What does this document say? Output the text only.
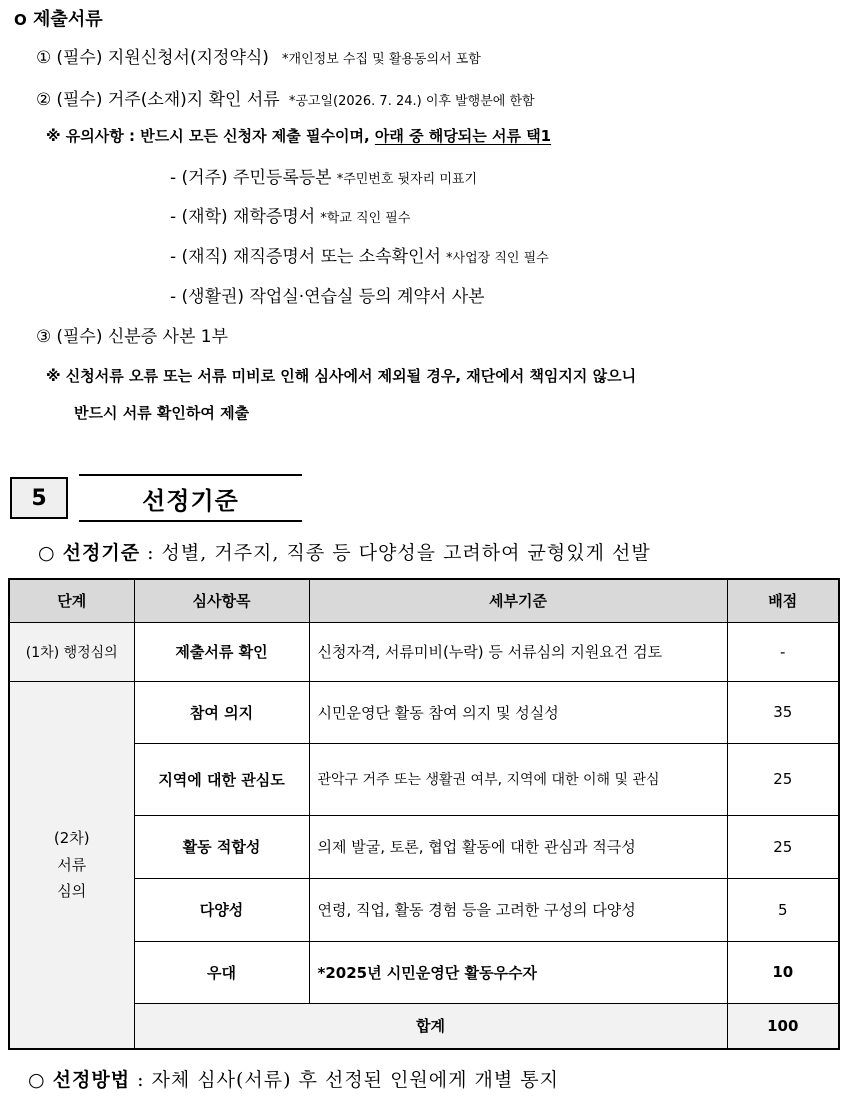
O 제출서류
① (필수) 지원신청서(지정약식) *개인정보 수집 및 활용동의서 포함
② (필수) 거주(소재)지 확인 서류 *공고일(2026. 7. 24.) 이후 발행분에 한함
※ 유의사항 : 반드시 모든 신청자 제출 필수이며, 아래 중 해당되는 서류 택1
- (거주) 주민등록등본 *주민번호 뒷자리 미표기
- (재학) 재학증명서 *학교 직인 필수
- (재직) 재직증명서 또는 소속확인서 *사업장 직인 필수
- (생활권) 작업실·연습실 등의 계약서 사본
③ (필수) 신분증 사본 1부
※ 신청서류 오류 또는 서류 미비로 인해 심사에서 제외될 경우, 재단에서 책임지지 않으니
반드시 서류 확인하여 제출
5	선정기준
○ 선정기준 : 성별, 거주지, 직종 등 다양성을 고려하여 균형있게 선발
단계	심사항목	세부기준	배점
(1차) 행정심의	제출서류 확인	신청자격, 서류미비(누락) 등 서류심의 지원요건 검토	-

(2차)
서류
심의	참여 의지	시민운영단 활동 참여 의지 및 성실성	35
	지역에 대한 관심도	관악구 거주 또는 생활권 여부, 지역에 대한 이해 및 관심	25
	활동 적합성	의제 발굴, 토론, 협업 활동에 대한 관심과 적극성	25
	다양성	연령, 직업, 활동 경험 등을 고려한 구성의 다양성	5
	우대	*2025년 시민운영단 활동우수자	10
	합계		100
○ 선정방법 : 자체 심사(서류) 후 선정된 인원에게 개별 통지
